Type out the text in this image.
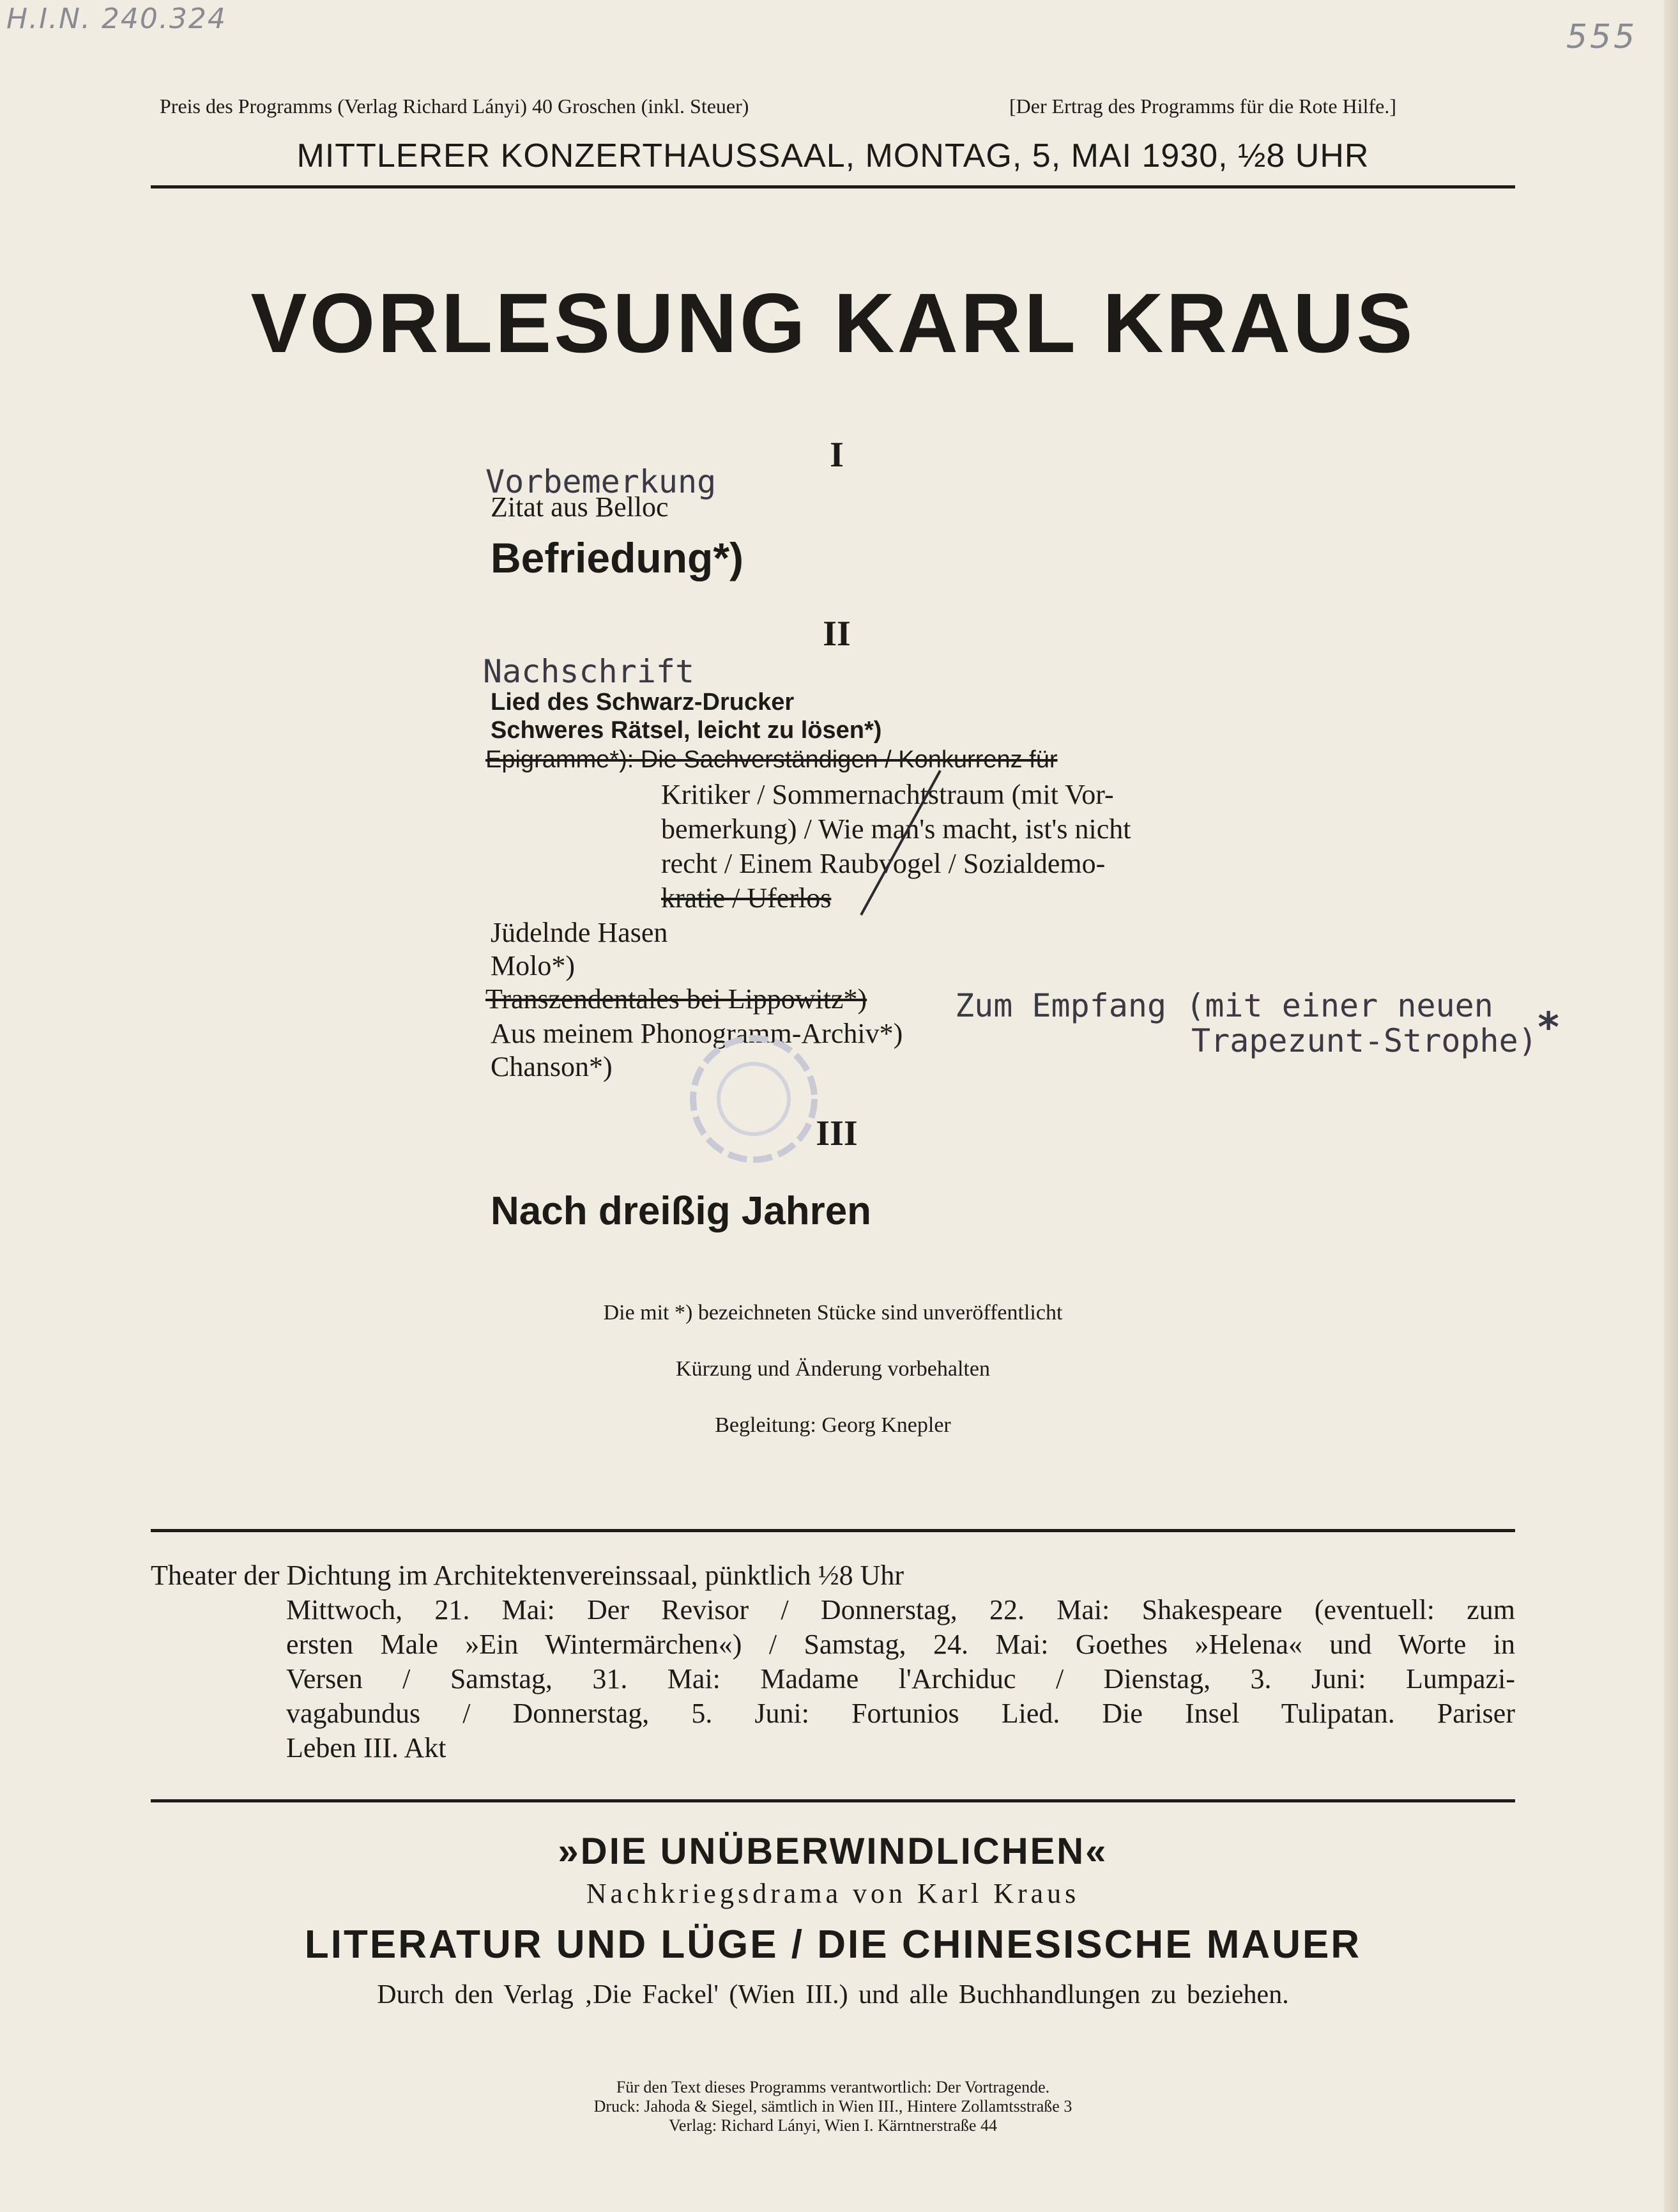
H.I.N. 240.324	555
Preis des Programms (Verlag Richard Lányi) 40 Groschen (inkl. Steuer)	[Der Ertrag des Programms für die Rote Hilfe.]
MITTLERER KONZERTHAUSSAAL, MONTAG, 5, MAI 1930, ½8 UHR
VORLESUNG KARL KRAUS
I
Vorbemerkung
Zitat aus Belloc
Befriedung*)
II
Nachschrift
Lied des Schwarz-Drucker
Schweres Rätsel, leicht zu lösen*)
Epigramme*): Die Sachverständigen / Konkurrenz für
Kritiker / Sommernachtstraum (mit Vor-
bemerkung) / Wie man's macht, ist's nicht
recht / Einem Raubvogel / Sozialdemo-
kratie / Uferlos
Jüdelnde Hasen
Molo*)
Transzendentales bei Lippowitz*)	Zum Empfang (mit einer neuen
Trapezunt-Strophe)
*
Aus meinem Phonogramm-Archiv*)
Chanson*)
III
Nach dreißig Jahren
Die mit *) bezeichneten Stücke sind unveröffentlicht
Kürzung und Änderung vorbehalten
Begleitung: Georg Knepler
Theater der Dichtung im Architektenvereinssaal, pünktlich ½8 Uhr
Mittwoch, 21. Mai: Der Revisor / Donnerstag, 22. Mai: Shakespeare (eventuell: zum
ersten Male »Ein Wintermärchen«) / Samstag, 24. Mai: Goethes »Helena« und Worte in
Versen / Samstag, 31. Mai: Madame l'Archiduc / Dienstag, 3. Juni: Lumpazi-
vagabundus / Donnerstag, 5. Juni: Fortunios Lied. Die Insel Tulipatan. Pariser
Leben III. Akt
»DIE UNÜBERWINDLICHEN«
Nachkriegsdrama von Karl Kraus
LITERATUR UND LÜGE / DIE CHINESISCHE MAUER
Durch den Verlag ‚Die Fackel' (Wien III.) und alle Buchhandlungen zu beziehen.
Für den Text dieses Programms verantwortlich: Der Vortragende.
Druck: Jahoda & Siegel, sämtlich in Wien III., Hintere Zollamtsstraße 3
Verlag: Richard Lányi, Wien I. Kärntnerstraße 44
